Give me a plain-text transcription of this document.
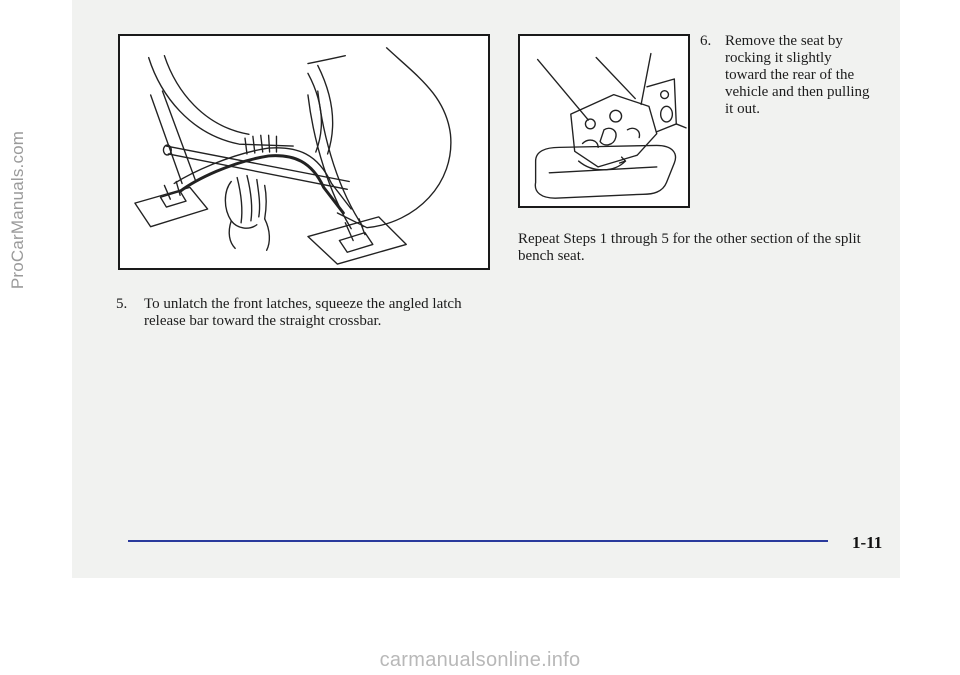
ProCarManuals.com
6. Remove the seat by rocking it slightly toward the rear of the vehicle and then pulling it out.
Repeat Steps 1 through 5 for the other section of the split bench seat.
5.	To unlatch the front latches, squeeze the angled latch release bar toward the straight crossbar.
1-11
carmanualsonline.info
